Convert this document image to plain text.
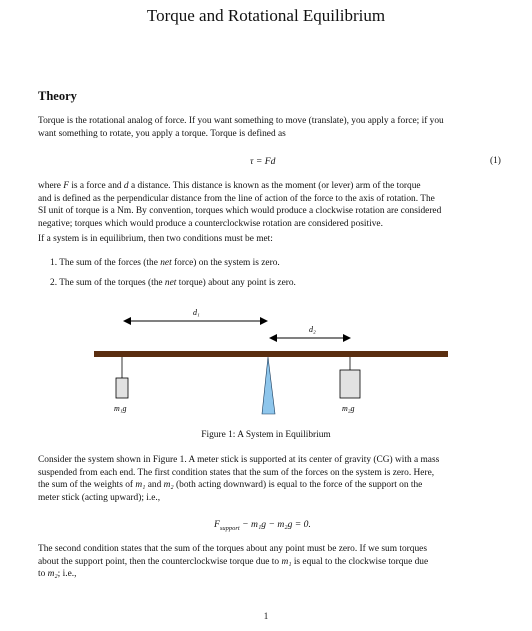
Torque and Rotational Equilibrium
Theory
Torque is the rotational analog of force. If you want something to move (translate), you apply a force; if you
want something to rotate, you apply a torque. Torque is defined as
τ = Fd	(1)
where F is a force and d a distance. This distance is known as the moment (or lever) arm of the torque
and is defined as the perpendicular distance from the line of action of the force to the axis of rotation. The
SI unit of torque is a Nm. By convention, torques which would produce a clockwise rotation are considered
negative; torques which would produce a counterclockwise rotation are considered positive.
If a system is in equilibrium, then two conditions must be met:
1. The sum of the forces (the net force) on the system is zero.
2. The sum of the torques (the net torque) about any point is zero.
d₁
d₂
m₁g	m₂g
Figure 1: A System in Equilibrium
Consider the system shown in Figure 1. A meter stick is supported at its center of gravity (CG) with a mass
suspended from each end. The first condition states that the sum of the forces on the system is zero. Here,
the sum of the weights of m₁ and m₂ (both acting downward) is equal to the force of the support on the
meter stick (acting upward); i.e.,
$F_{support} - m_1g - m_2g = 0$.
The second condition states that the sum of the torques about any point must be zero. If we sum torques
about the support point, then the counterclockwise torque due to m₁ is equal to the clockwise torque due
to m₂; i.e.,
1
